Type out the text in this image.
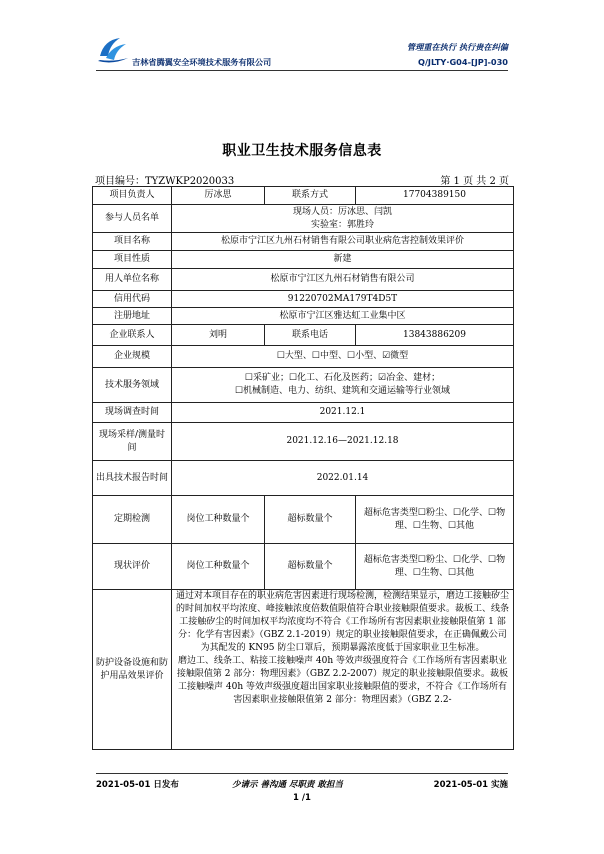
吉林省腾翼安全环境技术服务有限公司
管理重在执行 执行贵在纠偏
Q/JLTY·G04-[JP]-030
职业卫生技术服务信息表
项目编号：TYZWKP2020033	第 1 页 共 2 页
项目负责人	厉冰思	联系方式	17704389150
参与人员名单	现场人员：厉冰思、闫凯
实验室：郭胜玲		

项目名称	松原市宁江区九州石材销售有限公司职业病危害控制效果评价		
项目性质	新建		
用人单位名称	松原市宁江区九州石材销售有限公司		
信用代码	91220702MA179T4D5T		
注册地址	松原市宁江区雅达虹工业集中区		
企业联系人	刘明	联系电话	13843886209
企业规模	☐大型、☐中型、☐小型、☑微型		
技术服务领域	☐采矿业；☐化工、石化及医药；☑冶金、建材；
☐机械制造、电力、纺织、建筑和交通运输等行业领域		

现场调查时间	2021.12.1		
现场采样/测量时间	2021.12.16—2021.12.18		
出具技术报告时间	2022.01.14		
定期检测	岗位工种数量个	超标数量个	超标危害类型☐粉尘、☐化学、☐物理、☐生物、☐其他
现状评价	岗位工种数量个	超标数量个	超标危害类型☐粉尘、☐化学、☐物理、☐生物、☐其他
防护设备设施和防护用品效果评价	通过对本项目存在的职业病危害因素进行现场检测，检测结果显示，磨边工接触矽尘的时间加权平均浓度、峰接触浓度倍数值限值符合职业接触限值要求。裁板工、线条工接触矽尘的时间加权平均浓度均不符合《工作场所有害因素职业接触限值第 1 部分：化学有害因素》（GBZ 2.1-2019）规定的职业接触限值要求，在正确佩戴公司为其配发的 KN95 防尘口罩后，预期暴露浓度低于国家职业卫生标准。
磨边工、线条工、粘接工接触噪声 40h 等效声级强度符合《工作场所有害因素职业接触限值第 2 部分：物理因素》（GBZ 2.2-2007）规定的职业接触限值要求。裁板工接触噪声 40h 等效声级强度超出国家职业接触限值的要求，不符合《工作场所有害因素职业接触限值第 2 部分：物理因素》（GBZ 2.2-		
2021-05-01 日发布	少请示 善沟通 尽职责 敢担当	2021-05-01 实施
1 /1
